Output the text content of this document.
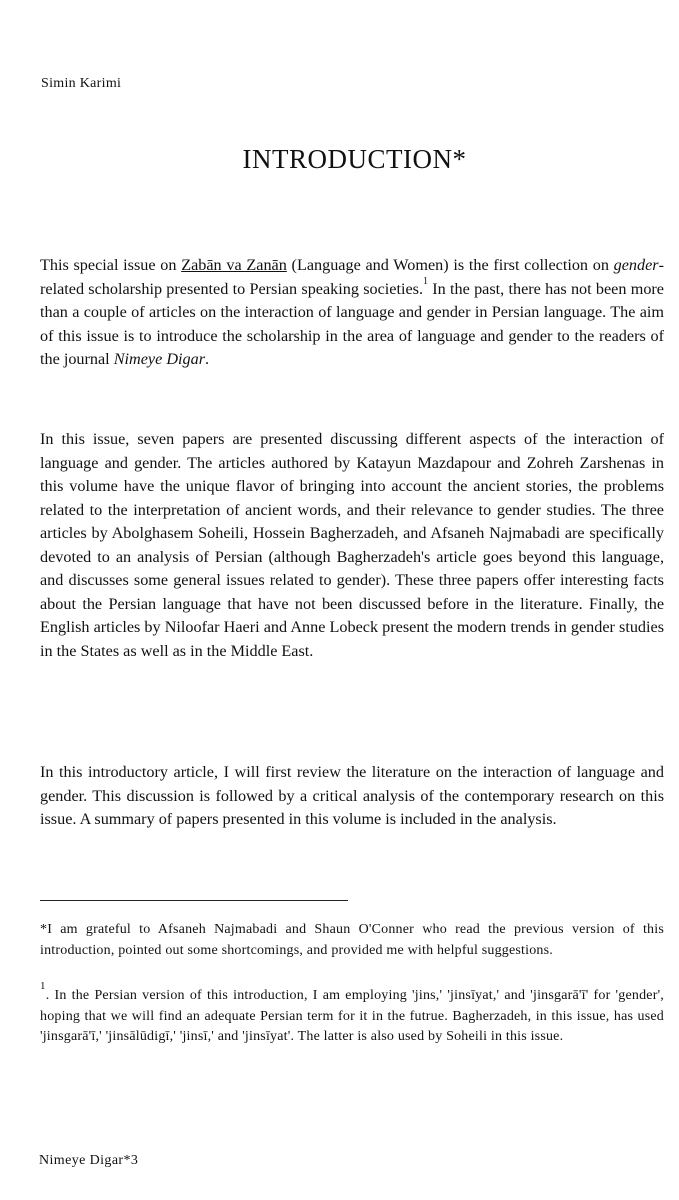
Simin Karimi
INTRODUCTION*

This special issue on Zabān va Zanān (Language and Women) is the first collection on gender-related scholarship presented to Persian speaking societies.$^1$ In the past, there has not been more than a couple of articles on the interaction of language and gender in Persian language. The aim of this issue is to introduce the scholarship in the area of language and gender to the readers of the journal Nimeye Digar.

In this issue, seven papers are presented discussing different aspects of the interaction of language and gender. The articles authored by Katayun Mazdapour and Zohreh Zarshenas in this volume have the unique flavor of bringing into account the ancient stories, the problems related to the interpretation of ancient words, and their relevance to gender studies. The three articles by Abolghasem Soheili, Hossein Bagherzadeh, and Afsaneh Najmabadi are specifically devoted to an analysis of Persian (although Bagherzadeh's article goes beyond this language, and discusses some general issues related to gender). These three papers offer interesting facts about the Persian language that have not been discussed before in the literature. Finally, the English articles by Niloofar Haeri and Anne Lobeck present the modern trends in gender studies in the States as well as in the Middle East.

In this introductory article, I will first review the literature on the interaction of language and gender. This discussion is followed by a critical analysis of the contemporary research on this issue. A summary of papers presented in this volume is included in the analysis.

*I am grateful to Afsaneh Najmabadi and Shaun O'Conner who read the previous version of this introduction, pointed out some shortcomings, and provided me with helpful suggestions.

$^1$. In the Persian version of this introduction, I am employing 'jins,' 'jinsīyat,' and 'jinsgarā'ī' for 'gender', hoping that we will find an adequate Persian term for it in the futrue. Bagherzadeh, in this issue, has used 'jinsgarā'ī,' 'jinsālūdigī,' 'jinsī,' and 'jinsīyat'. The latter is also used by Soheili in this issue.

Nimeye Digar*3
